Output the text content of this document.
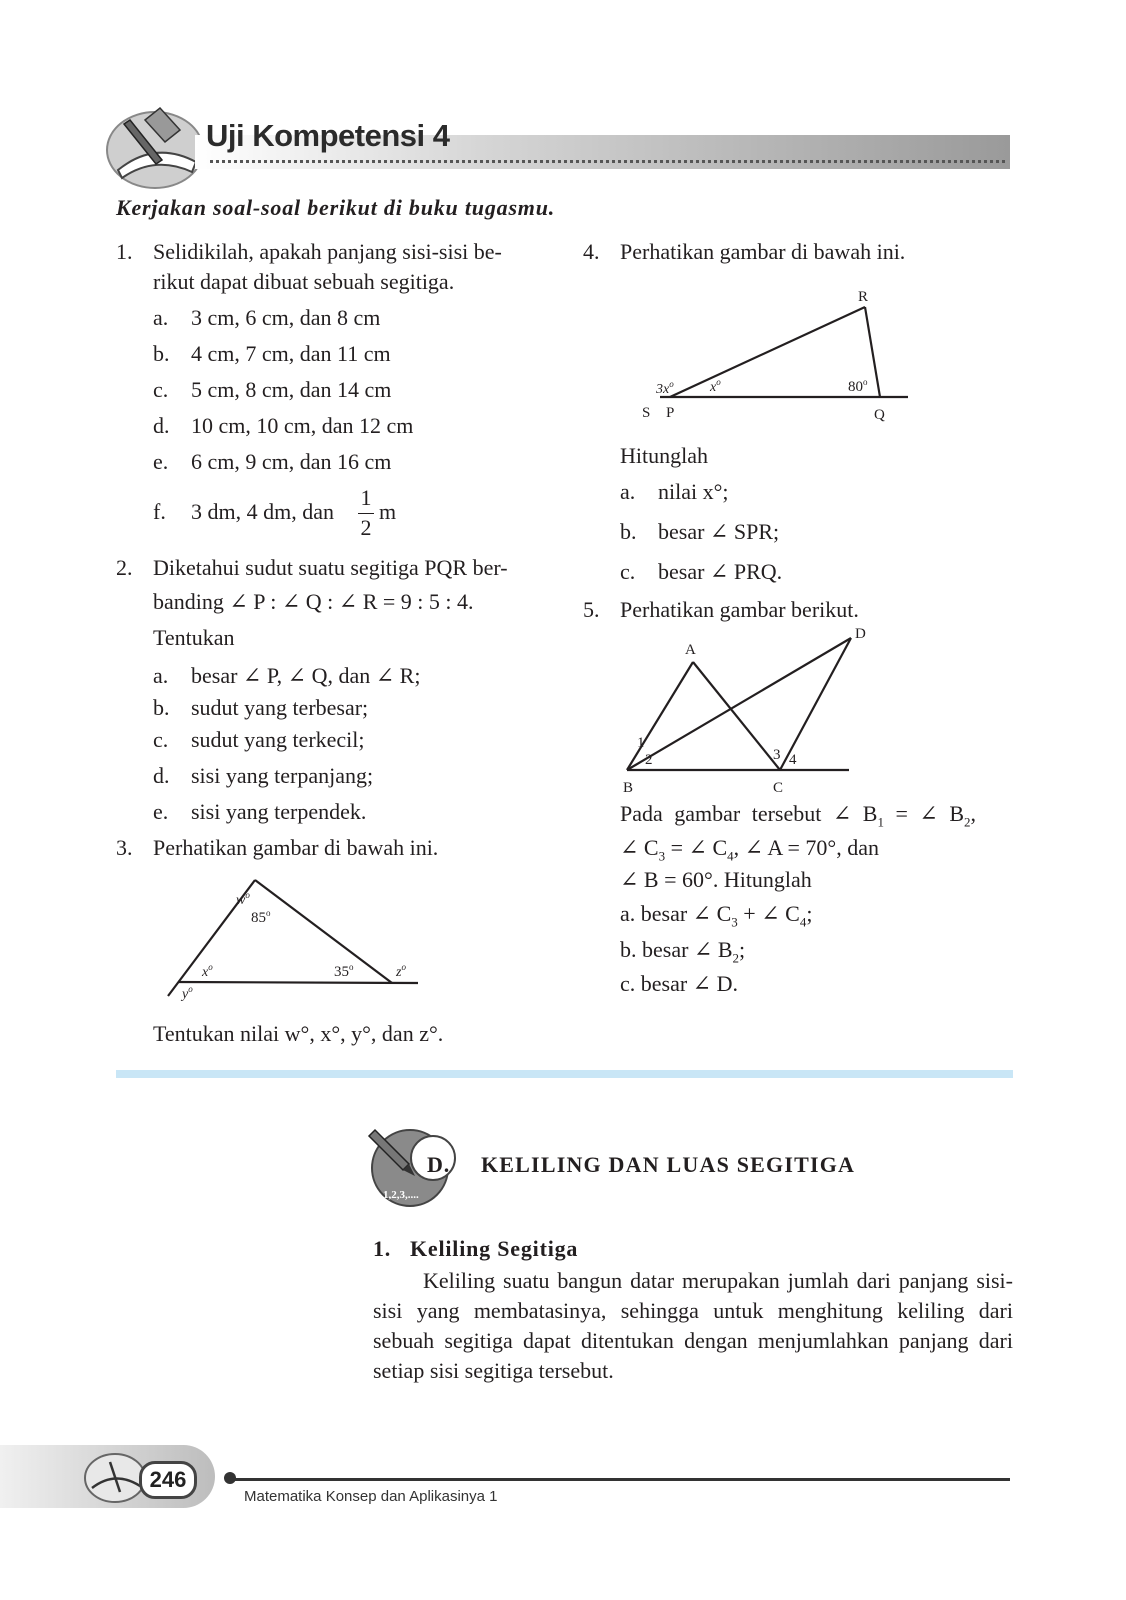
Uji Kompetensi 4
Kerjakan soal-soal berikut di buku tugasmu.
1. Selidikilah, apakah panjang sisi-sisi be-
rikut dapat dibuat sebuah segitiga.
a. 3 cm, 6 cm, dan 8 cm
b. 4 cm, 7 cm, dan 11 cm
c. 5 cm, 8 cm, dan 14 cm
d. 10 cm, 10 cm, dan 12 cm
e. 6 cm, 9 cm, dan 16 cm
f. 3 dm, 4 dm, dan
1
2
m
2. Diketahui sudut suatu segitiga PQR ber-
banding ∠ P : ∠ Q : ∠ R = 9 : 5 : 4.
Tentukan
a. besar ∠ P, ∠ Q, dan ∠ R;
b. sudut yang terbesar;
c. sudut yang terkecil;
d. sisi yang terpanjang;
e. sisi yang terpendek.
3. Perhatikan gambar di bawah ini.
$w^o$
85$^o$
$x^o$	35$^o$	$z^o$
$y^o$
Tentukan nilai w°, x°, y°, dan z°.
4. Perhatikan gambar di bawah ini.
R
S P	Q
$3x^o$	$x^o$	80$^o$
Hitunglah
a. nilai x°;
b. besar ∠ SPR;
c. besar ∠ PRQ.
5. Perhatikan gambar berikut.
A
D
B	C
1
2	3 4
Pada gambar tersebut ∠ $B_1$ = ∠ $B_2$,
∠ $C_3$ = ∠ $C_4$, ∠ A = 70°, dan
∠ B = 60°. Hitunglah
a. besar ∠ $C_3$ + ∠ $C_4$;
b. besar ∠ $B_2$;
c. besar ∠ D.
1,2,3,....
D. KELILING DAN LUAS SEGITIGA
1. Keliling Segitiga
Keliling suatu bangun datar merupakan jumlah dari panjang sisi-sisi yang membatasinya, sehingga untuk menghitung keliling dari sebuah segitiga dapat ditentukan dengan menjumlahkan panjang dari setiap sisi segitiga tersebut.
246
Matematika Konsep dan Aplikasinya 1
